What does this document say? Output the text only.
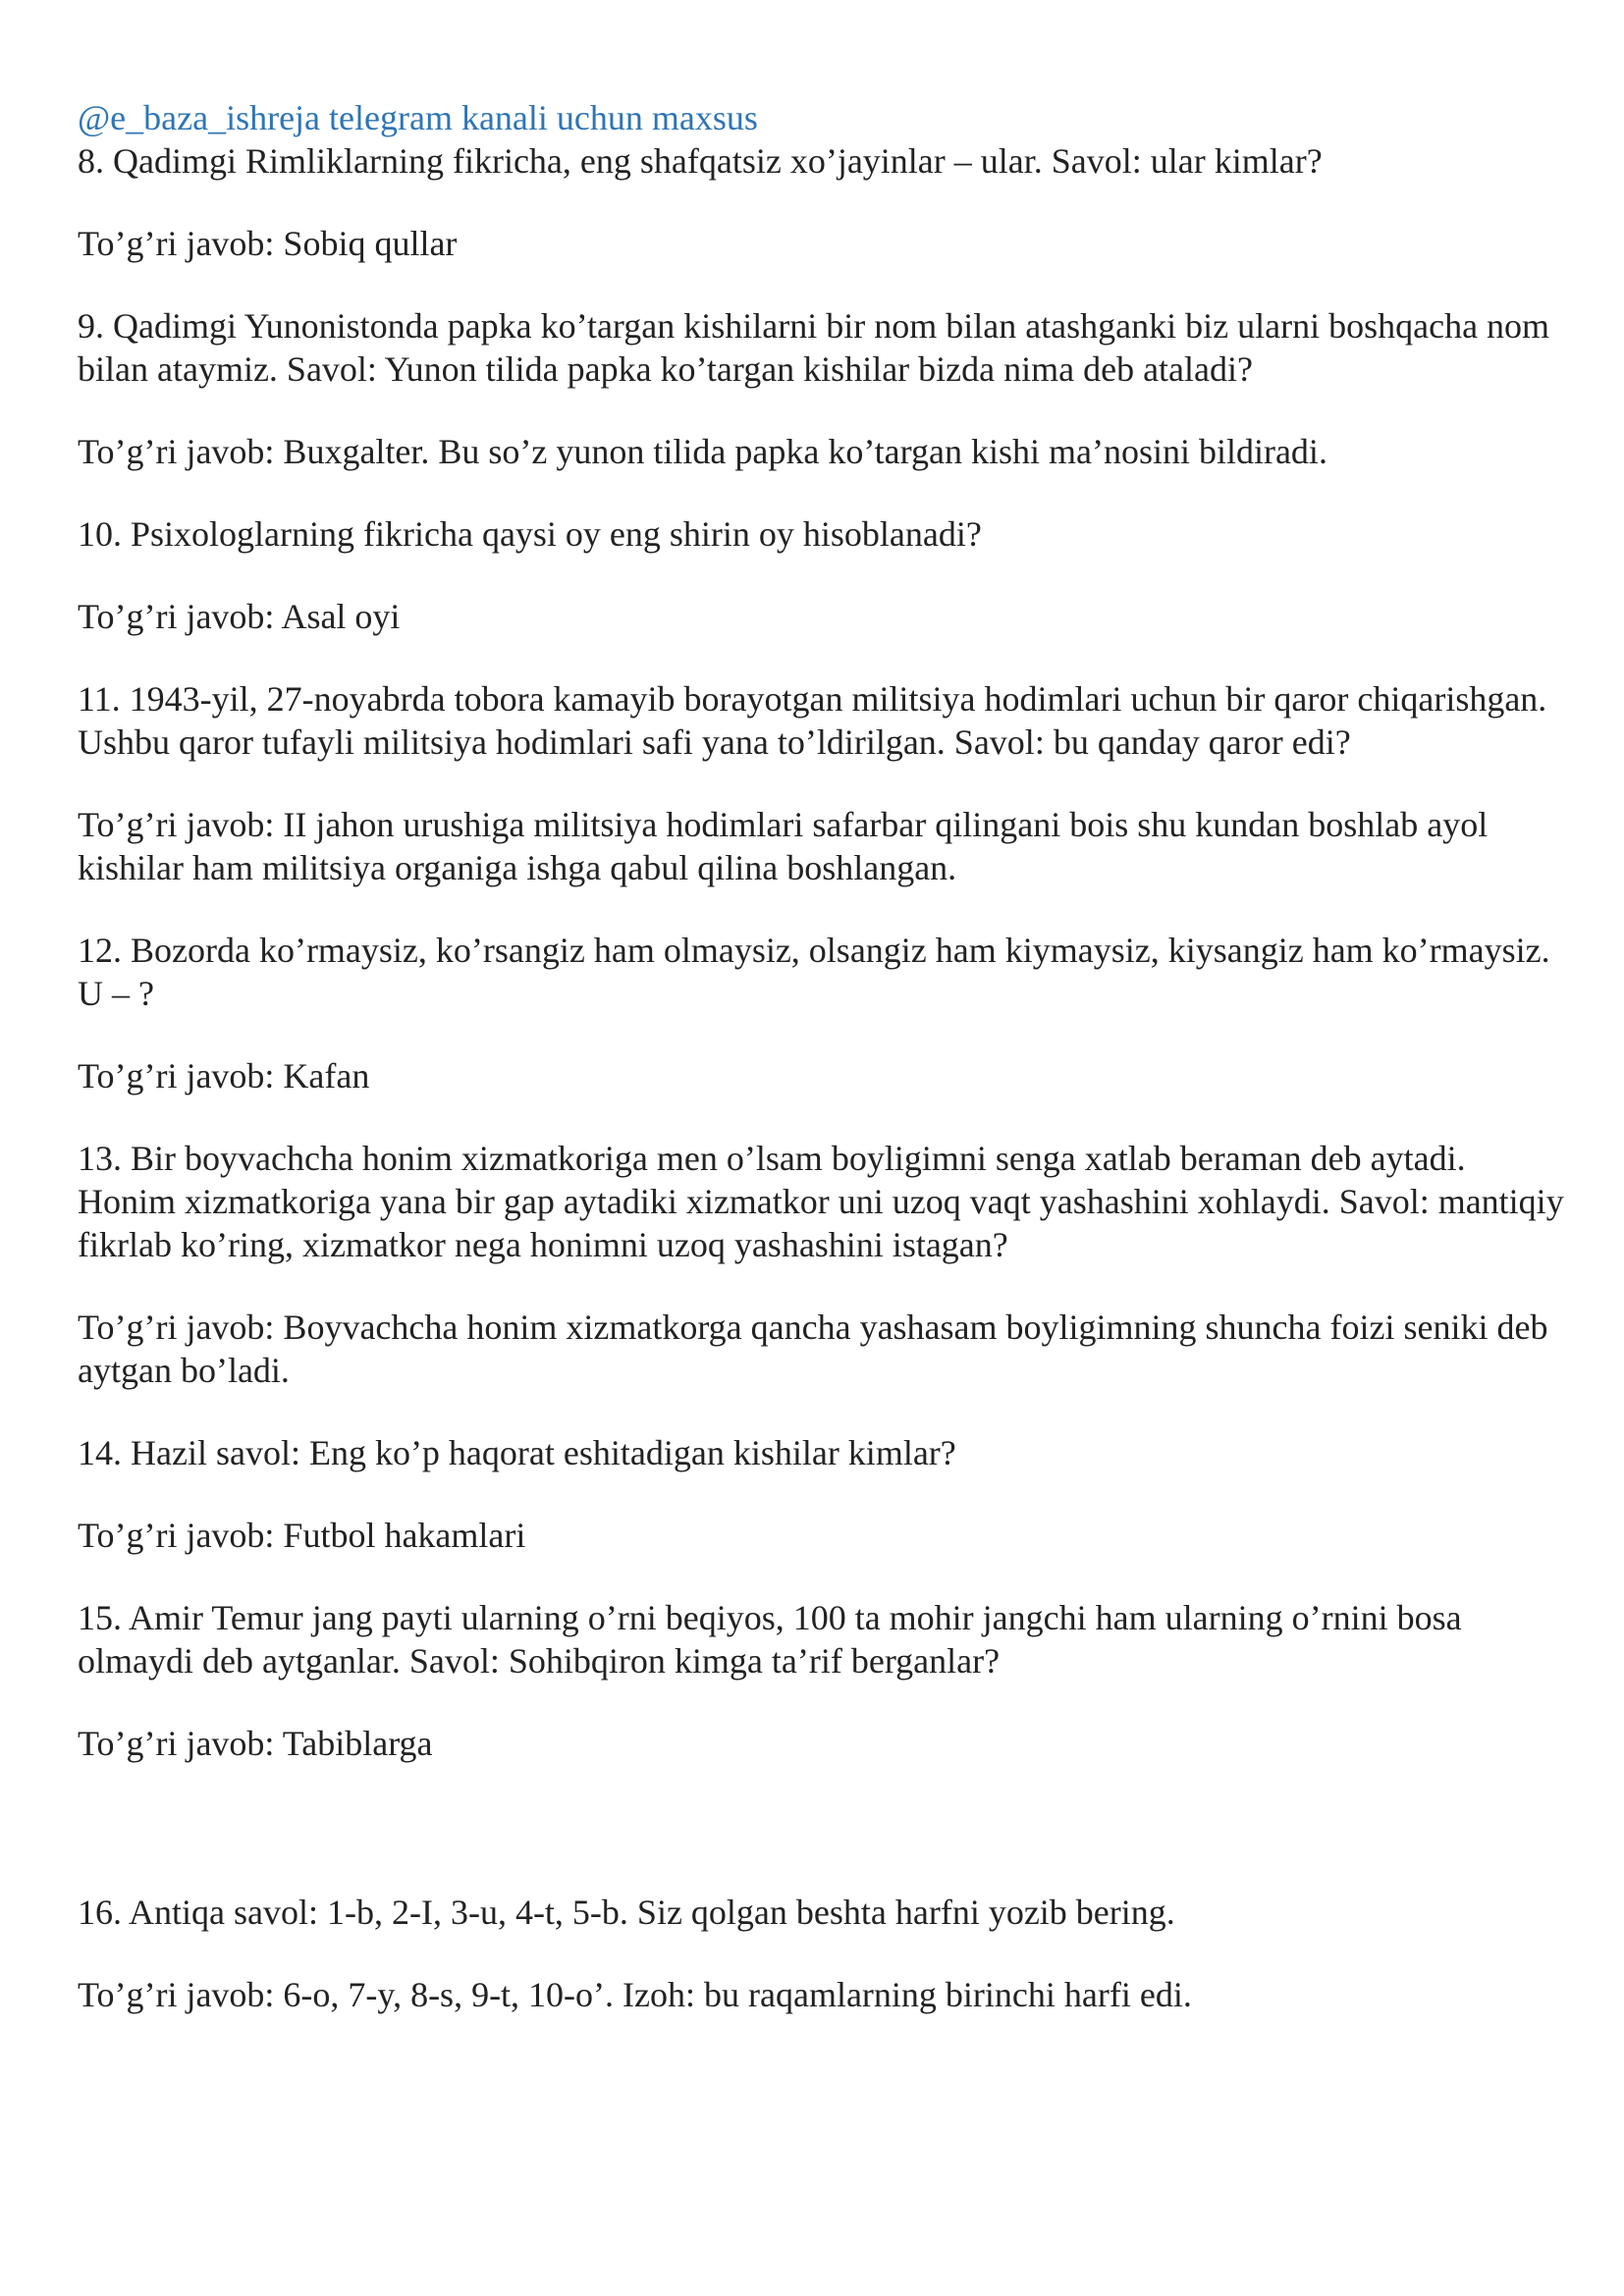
@e_baza_ishreja telegram kanali uchun maxsus

8. Qadimgi Rimliklarning fikricha, eng shafqatsiz xo’jayinlar – ular. Savol: ular kimlar?

To’g’ri javob: Sobiq qullar

9. Qadimgi Yunonistonda papka ko’targan kishilarni bir nom bilan atashganki biz ularni boshqacha nom bilan ataymiz. Savol: Yunon tilida papka ko’targan kishilar bizda nima deb ataladi?

To’g’ri javob: Buxgalter. Bu so’z yunon tilida papka ko’targan kishi ma’nosini bildiradi.

10. Psixologlarning fikricha qaysi oy eng shirin oy hisoblanadi?

To’g’ri javob: Asal oyi

11. 1943-yil, 27-noyabrda tobora kamayib borayotgan militsiya hodimlari uchun bir qaror chiqarishgan. Ushbu qaror tufayli militsiya hodimlari safi yana to’ldirilgan. Savol: bu qanday qaror edi?

To’g’ri javob: II jahon urushiga militsiya hodimlari safarbar qilingani bois shu kundan boshlab ayol kishilar ham militsiya organiga ishga qabul qilina boshlangan.

12. Bozorda ko’rmaysiz, ko’rsangiz ham olmaysiz, olsangiz ham kiymaysiz, kiysangiz ham ko’rmaysiz. U – ?

To’g’ri javob: Kafan

13. Bir boyvachcha honim xizmatkoriga men o’lsam boyligimni senga xatlab beraman deb aytadi. Honim xizmatkoriga yana bir gap aytadiki xizmatkor uni uzoq vaqt yashashini xohlaydi. Savol: mantiqiy fikrlab ko’ring, xizmatkor nega honimni uzoq yashashini istagan?

To’g’ri javob: Boyvachcha honim xizmatkorga qancha yashasam boyligimning shuncha foizi seniki deb aytgan bo’ladi.

14. Hazil savol: Eng ko’p haqorat eshitadigan kishilar kimlar?

To’g’ri javob: Futbol hakamlari

15. Amir Temur jang payti ularning o’rni beqiyos, 100 ta mohir jangchi ham ularning o’rnini bosa olmaydi deb aytganlar. Savol: Sohibqiron kimga ta’rif berganlar?

To’g’ri javob: Tabiblarga

16. Antiqa savol: 1-b, 2-I, 3-u, 4-t, 5-b. Siz qolgan beshta harfni yozib bering.

To’g’ri javob: 6-o, 7-y, 8-s, 9-t, 10-o’. Izoh: bu raqamlarning birinchi harfi edi.
